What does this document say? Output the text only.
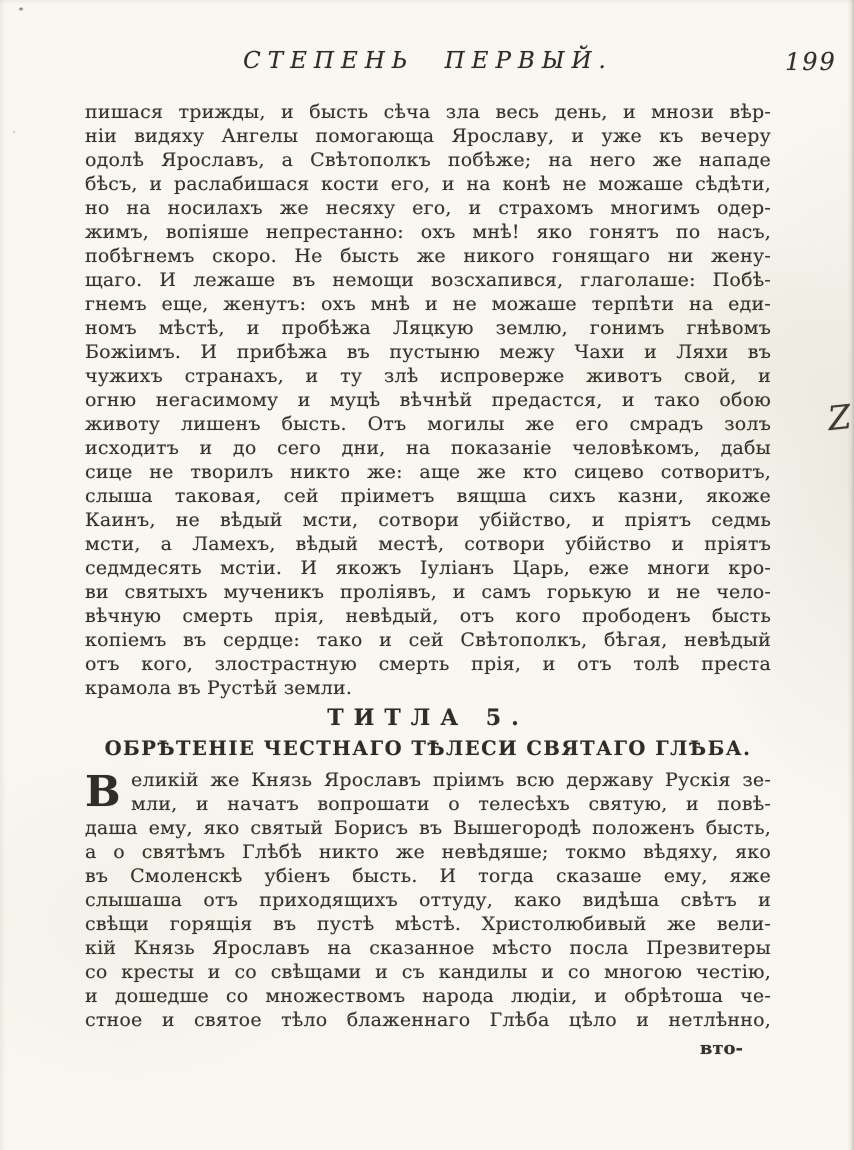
СТЕПЕНЬ ПЕРВЫЙ.	199
пишася трижды, и бысть сѣча зла весь день, и мнози вѣр-
ніи видяху Ангелы помогающа Ярославу, и уже къ вечеру
одолѣ Ярославъ, а Свѣтополкъ побѣже; на него же нападе
бѣсъ, и раслабишася кости его, и на конѣ не можаше сѣдѣти,
но на носилахъ же несяху его, и страхомъ многимъ одер-
жимъ, вопіяше непрестанно: охъ мнѣ! яко гонятъ по насъ,
побѣгнемъ скоро. Не бысть же никого гонящаго ни жену-
щаго. И лежаше въ немощи возсхапився, глаголаше: Побѣ-
гнемъ еще, женутъ: охъ мнѣ и не можаше терпѣти на еди-
номъ мѣстѣ, и пробѣжа Ляцкую землю, гонимъ гнѣвомъ
Божіимъ. И прибѣжа въ пустыню межу Чахи и Ляхи въ
чужихъ странахъ, и ту злѣ испроверже животъ свой, и
огню негасимому и муцѣ вѣчнѣй предастся, и тако обою
животу лишенъ бысть. Отъ могилы же его смрадъ золъ
исходитъ и до сего дни, на показаніе человѣкомъ, дабы
сице не творилъ никто же: аще же кто сицево сотворитъ,
слыша таковая, сей пріиметъ вящша сихъ казни, якоже
Каинъ, не вѣдый мсти, сотвори убійство, и пріятъ седмь
мсти, а Ламехъ, вѣдый местѣ, сотвори убійство и пріятъ
седмдесять мстіи. И якожъ Іуліанъ Царь, еже многи кро-
ви святыхъ мученикъ проліявъ, и самъ горькую и не чело-
вѣчную смерть прія, невѣдый, отъ кого прободенъ бысть
копіемъ въ сердце: тако и сей Свѣтополкъ, бѣгая, невѣдый
отъ кого, злострастную смерть прія, и отъ толѣ преста
крамола въ Рустѣй земли.
ТИТЛА 5.
ОБРѢТЕНІЕ ЧЕСТНАГО ТѢЛЕСИ СВЯТАГО ГЛѢБА.
В еликій же Князь Ярославъ пріимъ всю державу Рускія зе-
мли, и начатъ вопрошати о телесѣхъ святую, и повѣ-
даша ему, яко святый Борисъ въ Вышегородѣ положенъ бысть,
а о святѣмъ Глѣбѣ никто же невѣдяше; токмо вѣдяху, яко
въ Смоленскѣ убіенъ бысть. И тогда сказаше ему, яже
слышаша отъ приходящихъ оттуду, како видѣша свѣтъ и
свѣщи горящія въ пустѣ мѣстѣ. Христолюбивый же вели-
кій Князь Ярославъ на сказанное мѣсто посла Презвитеры
со кресты и со свѣщами и съ кандилы и со многою честію,
и дошедше со множествомъ народа людіи, и обрѣтоша че-
стное и святое тѣло блаженнаго Глѣба цѣло и нетлѣнно,
вто-
Z
